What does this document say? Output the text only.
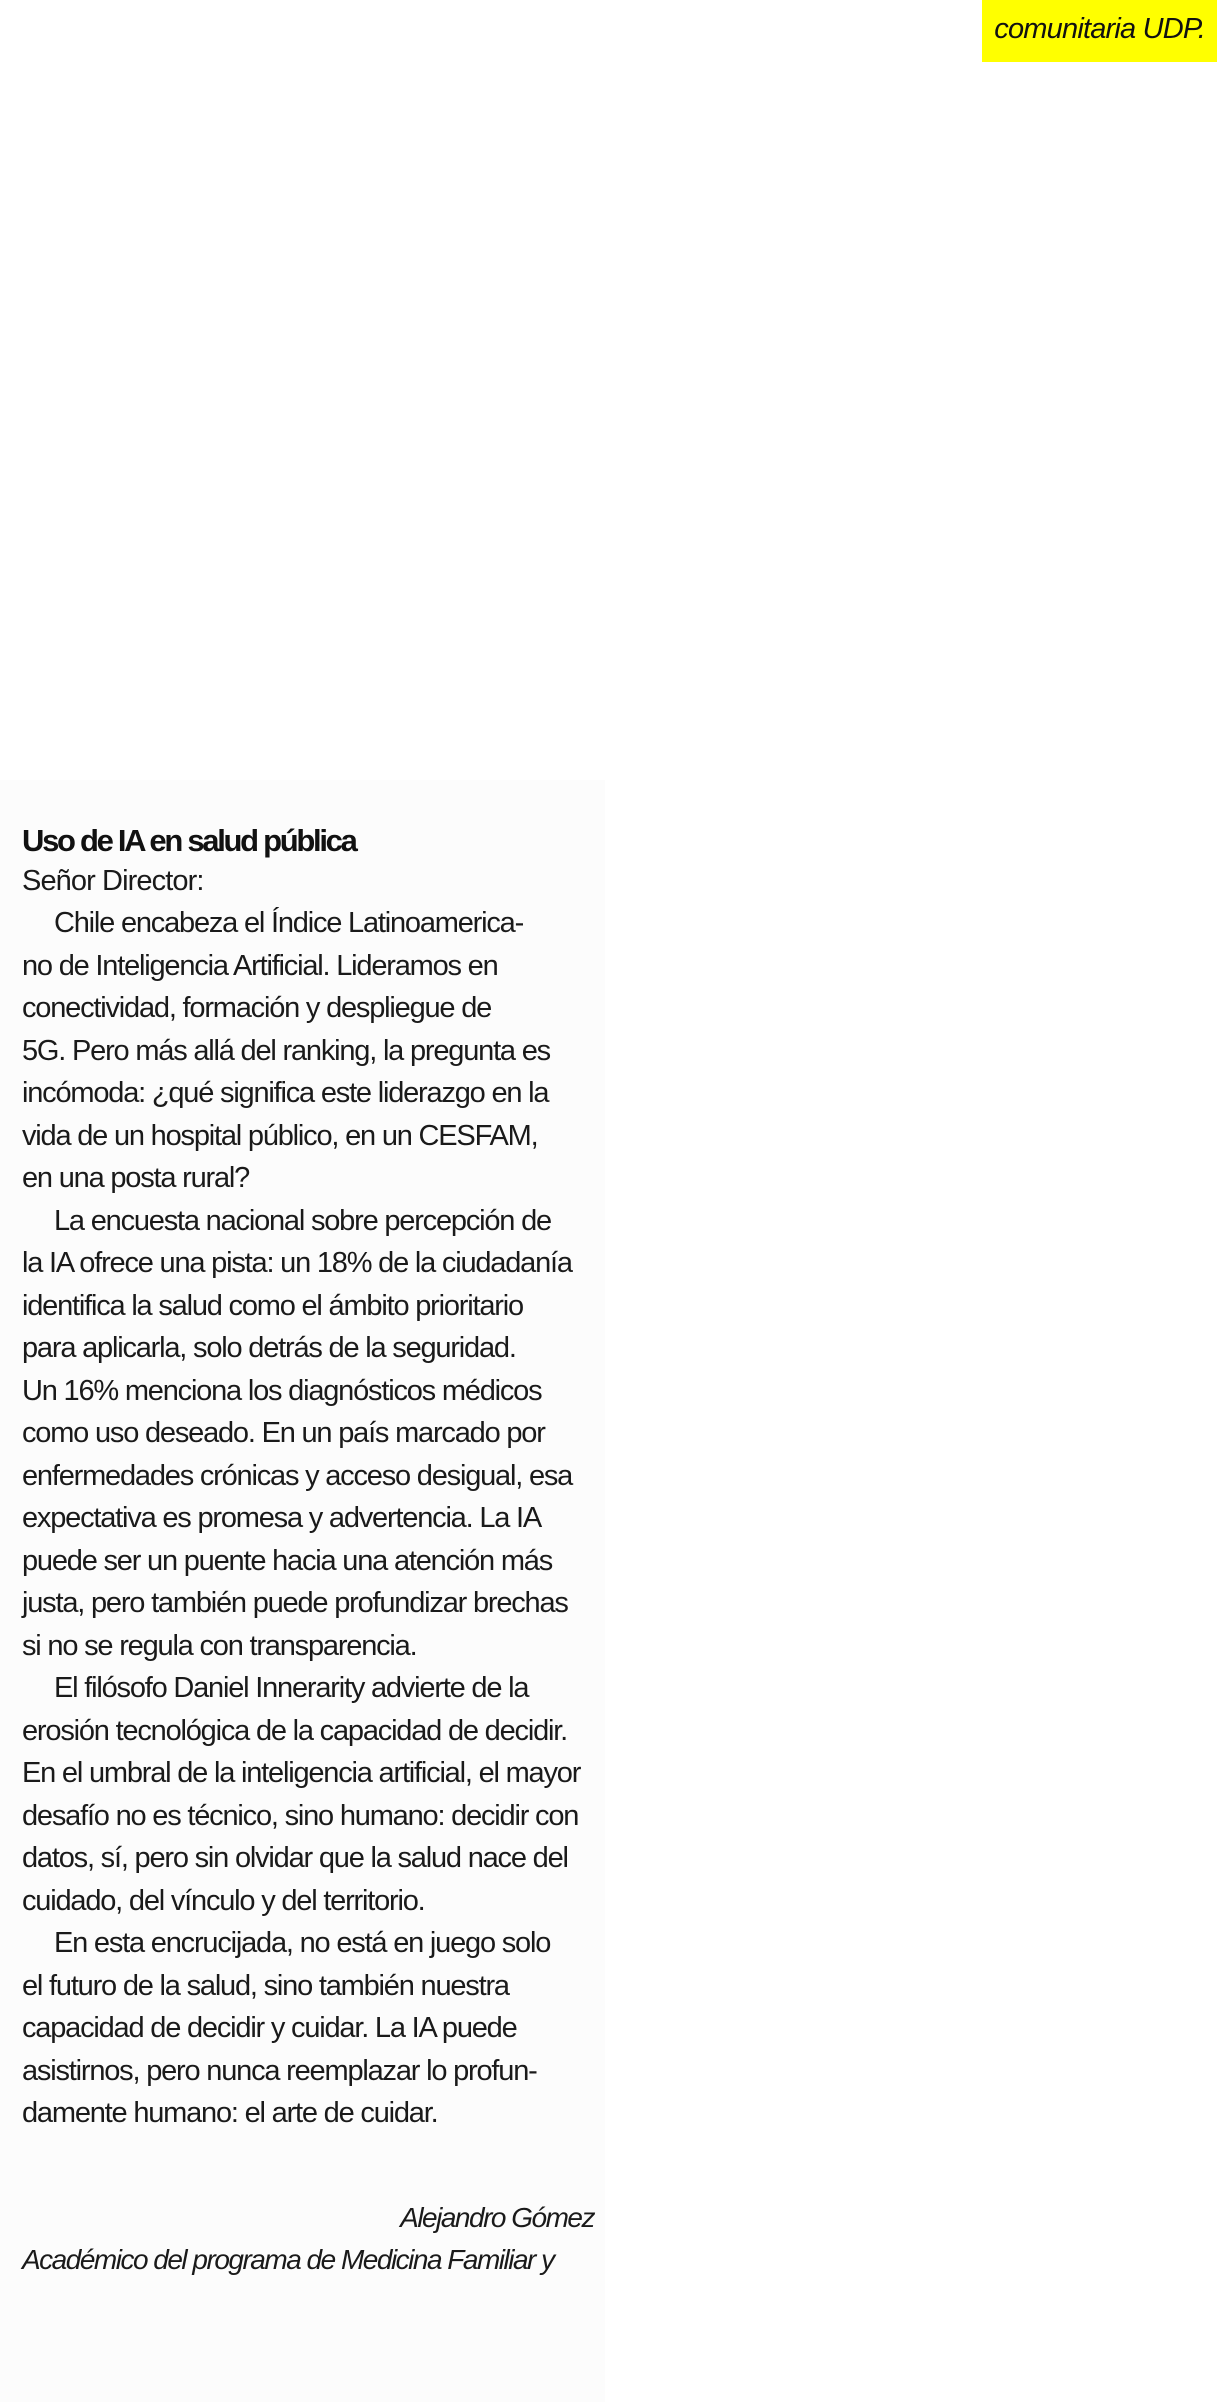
comunitaria UDP.
Uso de IA en salud pública

Señor Director:

Chile encabeza el Índice Latinoamerica-
no de Inteligencia Artificial. Lideramos en
conectividad, formación y despliegue de
5G. Pero más allá del ranking, la pregunta es
incómoda: ¿qué significa este liderazgo en la
vida de un hospital público, en un CESFAM,
en una posta rural?

La encuesta nacional sobre percepción de
la IA ofrece una pista: un 18% de la ciudadanía
identifica la salud como el ámbito prioritario
para aplicarla, solo detrás de la seguridad.
Un 16% menciona los diagnósticos médicos
como uso deseado. En un país marcado por
enfermedades crónicas y acceso desigual, esa
expectativa es promesa y advertencia. La IA
puede ser un puente hacia una atención más
justa, pero también puede profundizar brechas
si no se regula con transparencia.

El filósofo Daniel Innerarity advierte de la
erosión tecnológica de la capacidad de decidir.
En el umbral de la inteligencia artificial, el mayor
desafío no es técnico, sino humano: decidir con
datos, sí, pero sin olvidar que la salud nace del
cuidado, del vínculo y del territorio.

En esta encrucijada, no está en juego solo
el futuro de la salud, sino también nuestra
capacidad de decidir y cuidar. La IA puede
asistirnos, pero nunca reemplazar lo profun-
damente humano: el arte de cuidar.

Alejandro Gómez
Académico del programa de Medicina Familiar y
